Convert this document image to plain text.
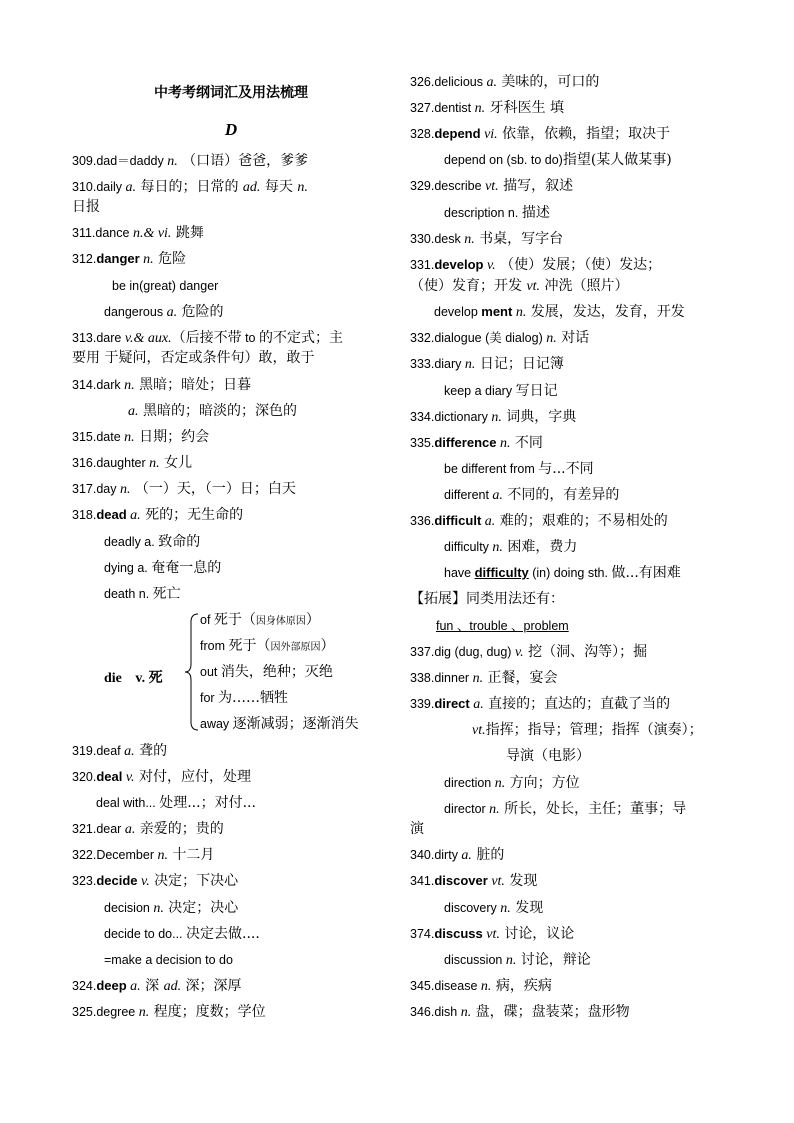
中考考纲词汇及用法梳理
D
die v. 死
309.dad＝daddy n. （口语）爸爸，爹爹
310.daily a. 每日的；日常的 ad. 每天 n.
日报
311.dance n.& vi. 跳舞
312.danger n. 危险
be in(great) danger
dangerous a. 危险的
313.dare v.& aux.（后接不带 to 的不定式；主
要用 于疑问，否定或条件句）敢，敢于
314.dark n. 黑暗；暗处；日暮
a. 黑暗的；暗淡的；深色的
315.date n. 日期；约会
316.daughter n. 女儿
317.day n. （一）天，（一）日；白天
318.dead a. 死的；无生命的
deadly a. 致命的
dying a. 奄奄一息的
death n. 死亡
of 死于（因身体原因）
from 死于（因外部原因）
out 消失，绝种；灭绝
for 为……牺牲
away 逐渐减弱；逐渐消失
319.deaf a. 聋的
320.deal v. 对付，应付，处理
deal with... 处理...；对付...
321.dear a. 亲爱的；贵的
322.December n. 十二月
323.decide v. 决定；下决心
decision n. 决定；决心
decide to do... 决定去做....
=make a decision to do
324.deep a. 深 ad. 深；深厚
325.degree n. 程度；度数；学位
326.delicious a. 美味的，可口的
327.dentist n. 牙科医生 填
328.depend vi. 依靠，依赖，指望；取决于
depend on (sb. to do)指望(某人做某事)
329.describe vt. 描写，叙述
description n. 描述
330.desk n. 书桌，写字台
331.develop v. （使）发展；（使）发达；
（使）发育；开发 vt. 冲洗（照片）
develop ment n. 发展，发达，发育，开发
332.dialogue (美 dialog) n. 对话
333.diary n. 日记；日记簿
keep a diary 写日记
334.dictionary n. 词典，字典
335.difference n. 不同
be different from 与...不同
different a. 不同的，有差异的
336.difficult a. 难的；艰难的；不易相处的
difficulty n. 困难，费力
have difficulty (in) doing sth. 做...有困难
【拓展】同类用法还有：
fun 、trouble 、problem
337.dig (dug, dug) v. 挖（洞、沟等）；掘
338.dinner n. 正餐，宴会
339.direct a. 直接的；直达的；直截了当的
vt.指挥；指导；管理；指挥（演奏）；
导演（电影）
direction n. 方向；方位
director n. 所长，处长，主任；董事；导
演
340.dirty a. 脏的
341.discover vt. 发现
discovery n. 发现
374.discuss vt. 讨论，议论
discussion n. 讨论，辩论
345.disease n. 病，疾病
346.dish n. 盘，碟；盘装菜；盘形物
